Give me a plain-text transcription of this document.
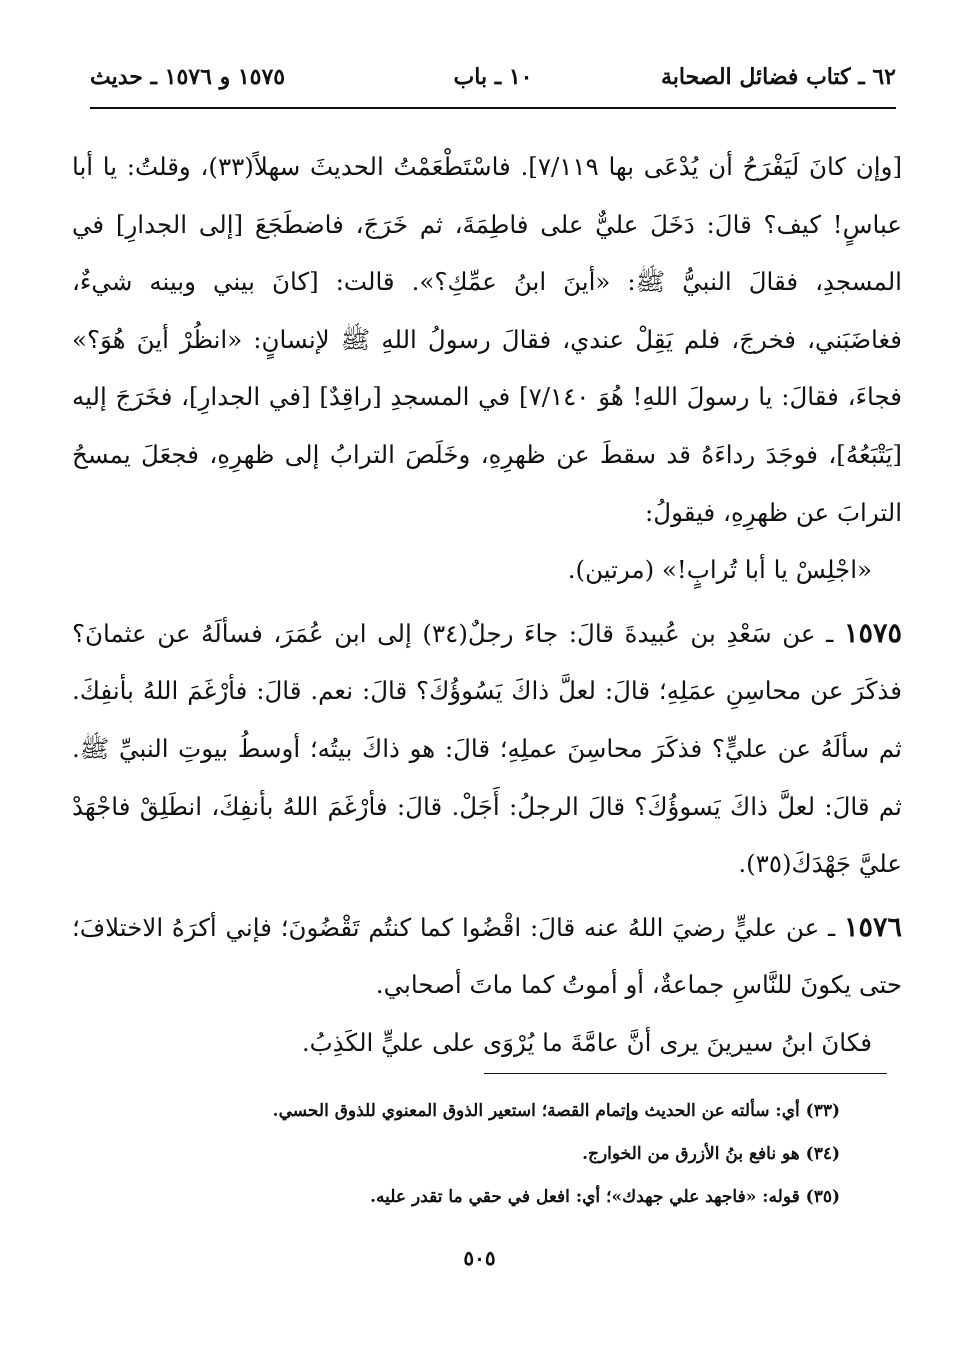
٦٢ ـ كتاب فضائل الصحابة
١٠ ـ باب
١٥٧٥ و ١٥٧٦ ـ حديث

[وإن كانَ لَيَفْرَحُ أن يُدْعَى بها ٧/١١٩]. فاسْتَطْعَمْتُ الحديثَ سهلاً(٣٣)، وقلتُ: يا أبا عباسٍ! كيف؟ قالَ: دَخَلَ عليٌّ على فاطِمَةَ، ثم خَرَجَ، فاضطَجَعَ [إلى الجدارِ] في المسجدِ، فقالَ النبيُّ ﷺ: «أينَ ابنُ عمِّكِ؟». قالت: [كانَ بيني وبينه شيءٌ، فغاضَبَني، فخرجَ، فلم يَقِلْ عندي، فقالَ رسولُ اللهِ ﷺ لإنسانٍ: «انظُرْ أينَ هُوَ؟» فجاءَ، فقالَ: يا رسولَ اللهِ! هُوَ ٧/١٤٠] في المسجدِ [راقِدٌ] [في الجدارِ]، فخَرَجَ إليه [يَتْبَعُهُ]، فوجَدَ رداءَهُ قد سقطَ عن ظهرِهِ، وخَلَصَ الترابُ إلى ظهرِهِ، فجعَلَ يمسحُ الترابَ عن ظهرِهِ، فيقولُ:

«اجْلِسْ يا أبا تُرابٍ!» (مرتين).

١٥٧٥ ـ عن سَعْدِ بن عُبيدةَ قالَ: جاءَ رجلٌ(٣٤) إلى ابن عُمَرَ، فسألَهُ عن عثمانَ؟ فذكَرَ عن محاسِنِ عمَلِهِ؛ قالَ: لعلَّ ذاكَ يَسُوؤُكَ؟ قالَ: نعم. قالَ: فأرْغَمَ اللهُ بأنفِكَ. ثم سألَهُ عن عليٍّ؟ فذكَرَ محاسِنَ عملِهِ؛ قالَ: هو ذاكَ بيتُه؛ أوسطُ بيوتِ النبيِّ ﷺ. ثم قالَ: لعلَّ ذاكَ يَسوؤُكَ؟ قالَ الرجلُ: أَجَلْ. قالَ: فأرْغَمَ اللهُ بأنفِكَ، انطَلِقْ فاجْهَدْ عليَّ جَهْدَكَ(٣٥).

١٥٧٦ ـ عن عليٍّ رضيَ اللهُ عنه قالَ: اقْضُوا كما كنتُم تَقْضُونَ؛ فإني أكرَهُ الاختلافَ؛ حتى يكونَ للنَّاسِ جماعةٌ، أو أموتُ كما ماتَ أصحابي.

فكانَ ابنُ سيرينَ يرى أنَّ عامَّةَ ما يُرْوَى على عليٍّ الكَذِبُ.

(٣٣) أي: سألته عن الحديث وإتمام القصة؛ استعير الذوق المعنوي للذوق الحسي.

(٣٤) هو نافع بنُ الأزرق من الخوارج.

(٣٥) قوله: «فاجهد علي جهدك»؛ أي: افعل في حقي ما تقدر عليه.

٥٠٥
